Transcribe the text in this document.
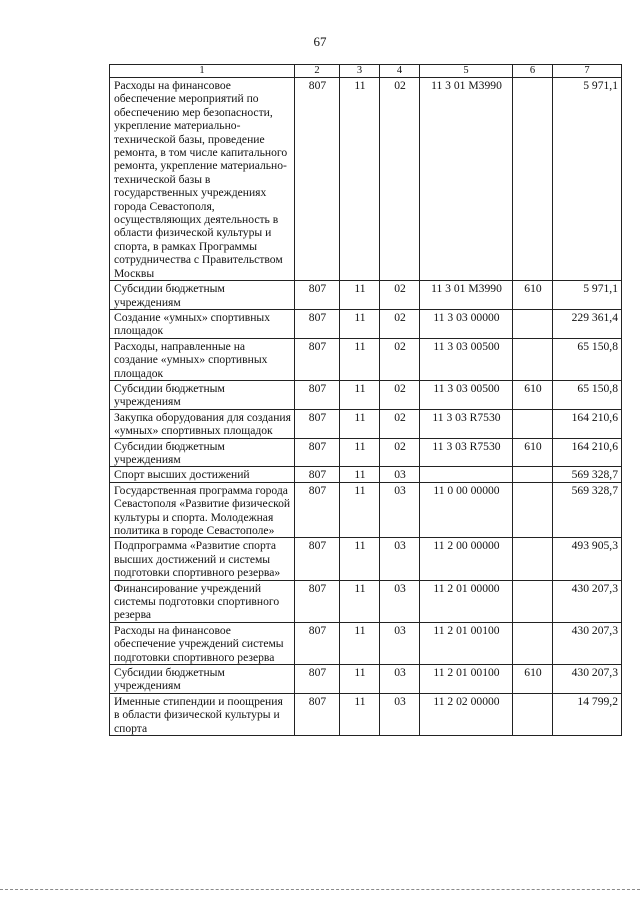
67
1	2	3	4	5	6	7
Расходы на финансовое обеспечение мероприятий по обеспечению мер безопасности, укрепление материально-технической базы, проведение ремонта, в том числе капитального ремонта, укрепление материально-технической базы в государственных учреждениях города Севастополя, осуществляющих деятельность в области физической культуры и спорта, в рамках Программы сотрудничества с Правительством Москвы	807	11	02	11 3 01 M3990		5 971,1
Субсидии бюджетным учреждениям	807	11	02	11 3 01 M3990	610	5 971,1
Создание «умных» спортивных площадок	807	11	02	11 3 03 00000		229 361,4
Расходы, направленные на создание «умных» спортивных площадок	807	11	02	11 3 03 00500		65 150,8
Субсидии бюджетным учреждениям	807	11	02	11 3 03 00500	610	65 150,8
Закупка оборудования для создания «умных» спортивных площадок	807	11	02	11 3 03 R7530		164 210,6
Субсидии бюджетным учреждениям	807	11	02	11 3 03 R7530	610	164 210,6
Спорт высших достижений	807	11	03			569 328,7
Государственная программа города Севастополя «Развитие физической культуры и спорта. Молодежная политика в городе Севастополе»	807	11	03	11 0 00 00000		569 328,7
Подпрограмма «Развитие спорта высших достижений и системы подготовки спортивного резерва»	807	11	03	11 2 00 00000		493 905,3
Финансирование учреждений системы подготовки спортивного резерва	807	11	03	11 2 01 00000		430 207,3
Расходы на финансовое обеспечение учреждений системы подготовки спортивного резерва	807	11	03	11 2 01 00100		430 207,3
Субсидии бюджетным учреждениям	807	11	03	11 2 01 00100	610	430 207,3
Именные стипендии и поощрения в области физической культуры и спорта	807	11	03	11 2 02 00000		14 799,2
